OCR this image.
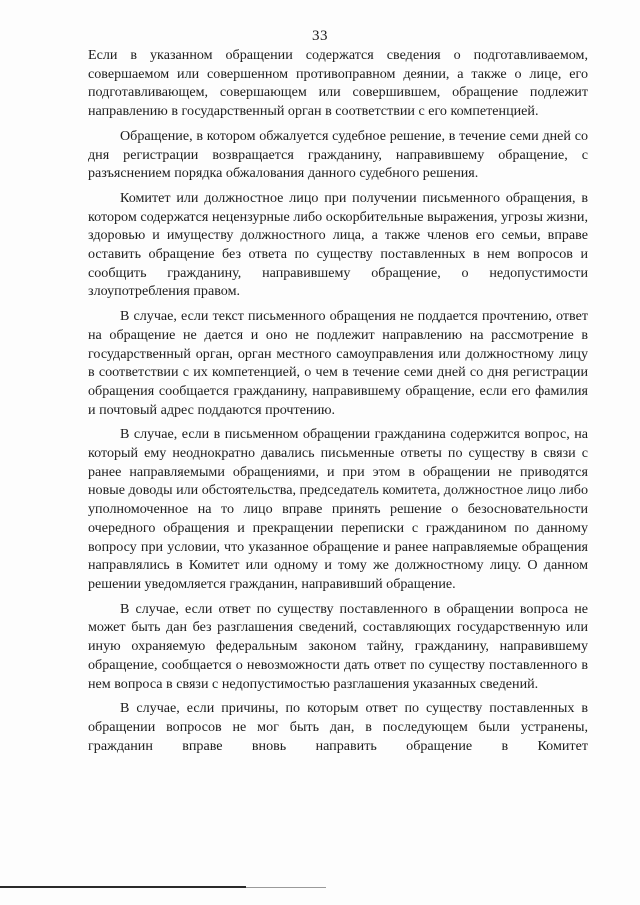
33

Если в указанном обращении содержатся сведения о подготавливаемом, совершаемом или совершенном противоправном деянии, а также о лице, его подготавливающем, совершающем или совершившем, обращение подлежит направлению в государственный орган в соответствии с его компетенцией.

Обращение, в котором обжалуется судебное решение, в течение семи дней со дня регистрации возвращается гражданину, направившему обращение, с разъяснением порядка обжалования данного судебного решения.

Комитет или должностное лицо при получении письменного обращения, в котором содержатся нецензурные либо оскорбительные выражения, угрозы жизни, здоровью и имуществу должностного лица, а также членов его семьи, вправе оставить обращение без ответа по существу поставленных в нем вопросов и сообщить гражданину, направившему обращение, о недопустимости злоупотребления правом.

В случае, если текст письменного обращения не поддается прочтению, ответ на обращение не дается и оно не подлежит направлению на рассмотрение в государственный орган, орган местного самоуправления или должностному лицу в соответствии с их компетенцией, о чем в течение семи дней со дня регистрации обращения сообщается гражданину, направившему обращение, если его фамилия и почтовый адрес поддаются прочтению.

В случае, если в письменном обращении гражданина содержится вопрос, на который ему неоднократно давались письменные ответы по существу в связи с ранее направляемыми обращениями, и при этом в обращении не приводятся новые доводы или обстоятельства, председатель комитета, должностное лицо либо уполномоченное на то лицо вправе принять решение о безосновательности очередного обращения и прекращении переписки с гражданином по данному вопросу при условии, что указанное обращение и ранее направляемые обращения направлялись в Комитет или одному и тому же должностному лицу. О данном решении уведомляется гражданин, направивший обращение.

В случае, если ответ по существу поставленного в обращении вопроса не может быть дан без разглашения сведений, составляющих государственную или иную охраняемую федеральным законом тайну, гражданину, направившему обращение, сообщается о невозможности дать ответ по существу поставленного в нем вопроса в связи с недопустимостью разглашения указанных сведений.

В случае, если причины, по которым ответ по существу поставленных в обращении вопросов не мог быть дан, в последующем были устранены, гражданин вправе вновь направить обращение в Комитет
